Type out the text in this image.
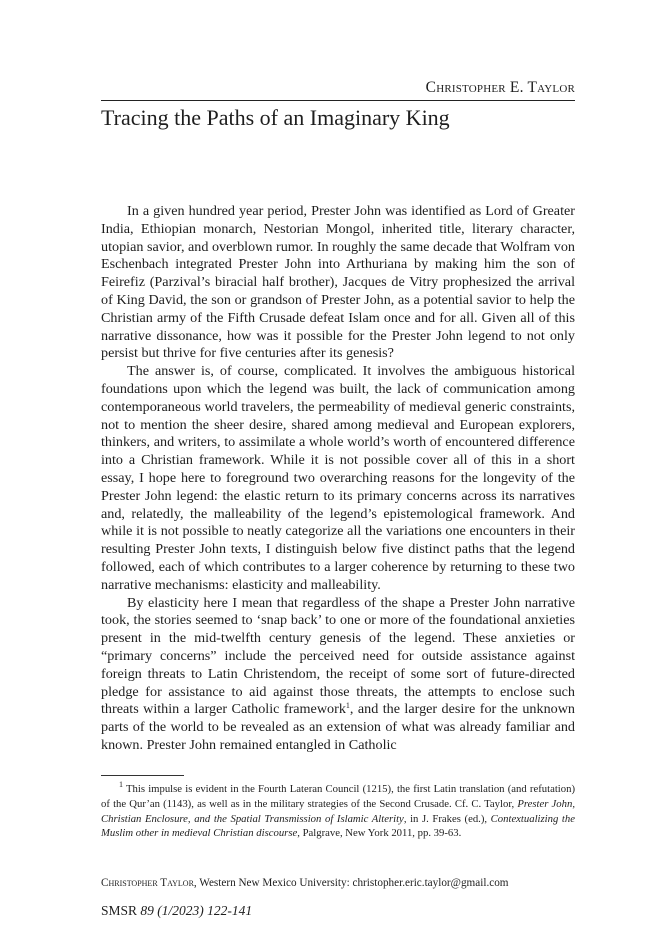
Christopher E. Taylor
Tracing the Paths of an Imaginary King

In a given hundred year period, Prester John was identified as Lord of Greater India, Ethiopian monarch, Nestorian Mongol, inherited title, literary character, utopian savior, and overblown rumor. In roughly the same decade that Wolfram von Eschenbach integrated Prester John into Arthuriana by making him the son of Feirefiz (Parzival’s biracial half brother), Jacques de Vitry prophesized the arrival of King David, the son or grandson of Prester John, as a potential savior to help the Christian army of the Fifth Crusade defeat Islam once and for all. Given all of this narrative dissonance, how was it possible for the Prester John legend to not only persist but thrive for five centuries after its genesis?

The answer is, of course, complicated. It involves the ambiguous historical foundations upon which the legend was built, the lack of communication among contemporaneous world travelers, the permeability of medieval generic constraints, not to mention the sheer desire, shared among medieval and European explorers, thinkers, and writers, to assimilate a whole world’s worth of encountered difference into a Christian framework. While it is not possible cover all of this in a short essay, I hope here to foreground two overarching reasons for the longevity of the Prester John legend: the elastic return to its primary concerns across its narratives and, relatedly, the malleability of the legend’s epistemological framework. And while it is not possible to neatly categorize all the variations one encounters in their resulting Prester John texts, I distinguish below five distinct paths that the legend followed, each of which contributes to a larger coherence by returning to these two narrative mechanisms: elasticity and malleability.

By elasticity here I mean that regardless of the shape a Prester John narrative took, the stories seemed to ‘snap back’ to one or more of the foundational anxieties present in the mid-twelfth century genesis of the legend. These anxieties or “primary concerns” include the perceived need for outside assistance against foreign threats to Latin Christendom, the receipt of some sort of future-directed pledge for assistance to aid against those threats, the attempts to enclose such threats within a larger Catholic framework$^1$, and the larger desire for the unknown parts of the world to be revealed as an extension of what was already familiar and known. Prester John remained entangled in Catholic

$^1$ This impulse is evident in the Fourth Lateran Council (1215), the first Latin translation (and refutation) of the Qur’an (1143), as well as in the military strategies of the Second Crusade. Cf. C. Taylor, Prester John, Christian Enclosure, and the Spatial Transmission of Islamic Alterity, in J. Frakes (ed.), Contextualizing the Muslim other in medieval Christian discourse, Palgrave, New York 2011, pp. 39-63.
Christopher Taylor, Western New Mexico University: christopher.eric.taylor@gmail.com
SMSR 89 (1/2023) 122-141
